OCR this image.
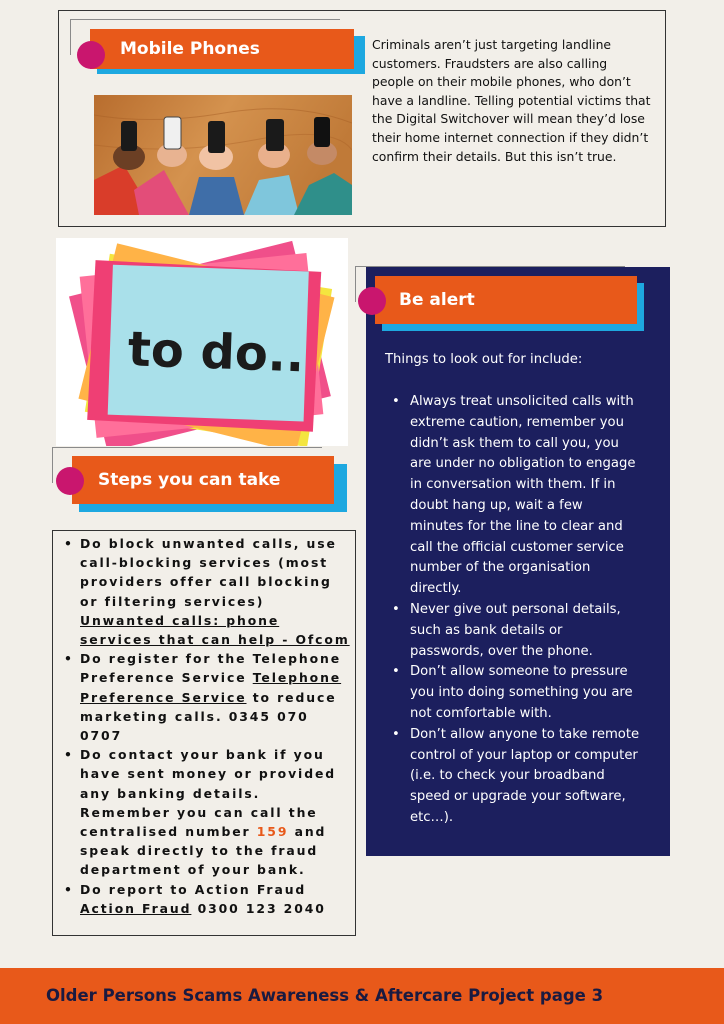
Mobile Phones	Criminals aren’t just targeting landline customers. Fraudsters are also calling people on their mobile phones, who don’t have a landline. Telling potential victims that the Digital Switchover will mean they’d lose their home internet connection if they didn’t confirm their details. But this isn’t true.
to do..
Be alert
Things to look out for include:
• Always treat unsolicited calls with extreme caution, remember you didn’t ask them to call you, you are under no obligation to engage in conversation with them. If in doubt hang up, wait a few minutes for the line to clear and call the official customer service number of the organisation directly.
• Never give out personal details, such as bank details or passwords, over the phone.
• Don’t allow someone to pressure you into doing something you are not comfortable with.
• Don’t allow anyone to take remote control of your laptop or computer (i.e. to check your broadband speed or upgrade your software, etc…).
Steps you can take
• Do block unwanted calls, use call-blocking services (most providers offer call blocking or filtering services) Unwanted calls: phone services that can help - Ofcom
• Do register for the Telephone Preference Service Telephone Preference Service to reduce marketing calls. 0345 070 0707
• Do contact your bank if you have sent money or provided any banking details. Remember you can call the centralised number 159 and speak directly to the fraud department of your bank.
• Do report to Action Fraud Action Fraud 0300 123 2040
Older Persons Scams Awareness & Aftercare Project page 3
